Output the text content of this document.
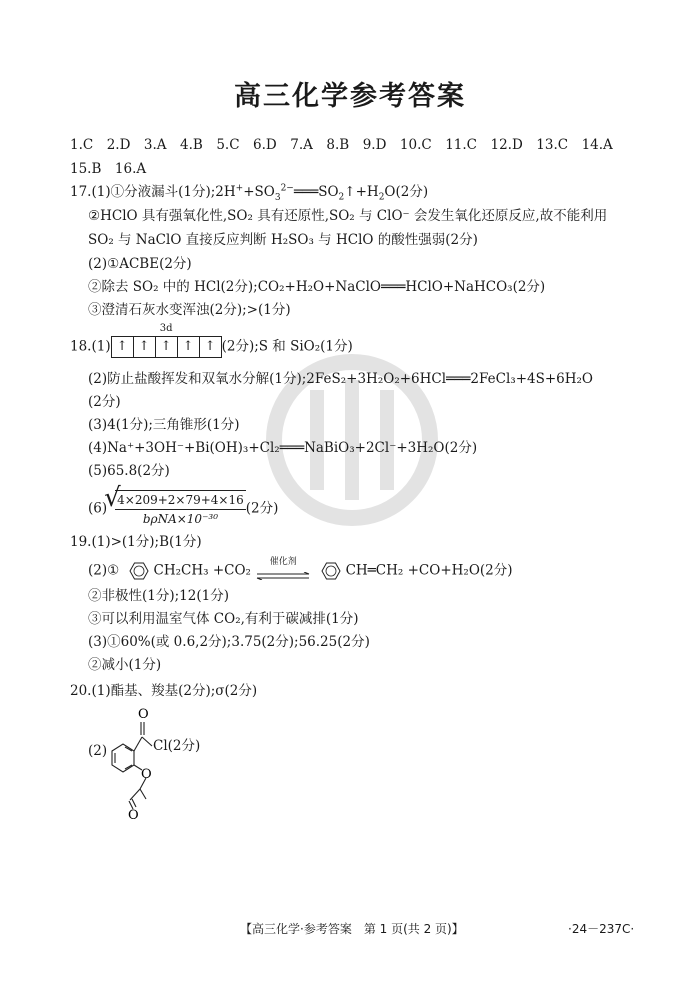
高三化学参考答案
1.C　2.D　3.A　4.B　5.C　6.D　7.A　8.B　9.D　10.C　11.C　12.D　13.C　14.A
15.B　16.A
17.(1)①分液漏斗(1分)$;2H^++SO_3^{2-}═══SO_2↑+H_2O(2$分)
②HClO 具有强氧化性,SO₂ 具有还原性,SO₂ 与 ClO⁻ 会发生氧化还原反应,故不能利用
SO₂ 与 NaClO 直接反应判断 H₂SO₃ 与 HClO 的酸性强弱(2分)
(2)①ACBE(2分)
②除去 SO₂ 中的 HCl(2分);CO₂+H₂O+NaClO═══HClO+NaHCO₃(2分)
③澄清石灰水变浑浊(2分);>(1分)
18.(1)
3d
↑ ↑ ↑ ↑ ↑ (2分);S 和 SiO₂(1分)
(2)防止盐酸挥发和双氧水分解(1分);2FeS₂+3H₂O₂+6HCl═══2FeCl₃+4S+6H₂O
(2分)
(3)4(1分);三角锥形(1分)
(4)Na⁺+3OH⁻+Bi(OH)₃+Cl₂═══NaBiO₃+2Cl⁻+3H₂O(2分)
(5)65.8(2分)
(6) √ $\frac{4\times 209+2\times 79+4\times 16}{\text{bρNA×10⁻³⁰}} (2$分)
19.(1)>(1分);B(1分)
(2)①	CH₂CH₃ +CO₂
催化剂
CH═CH₂ +CO+H₂O(2分)
②非极性(1分);12(1分)
③可以利用温室气体 CO₂,有利于碳减排(1分)
(3)①60%(或 0.6,2分);3.75(2分);56.25(2分)
②减小(1分)
20.(1)酯基、羧基(2分);σ(2分)
(2)
O
O
O
Cl(2分)
【高三化学·参考答案　第 1 页(共 2 页)】	·24－237C·
